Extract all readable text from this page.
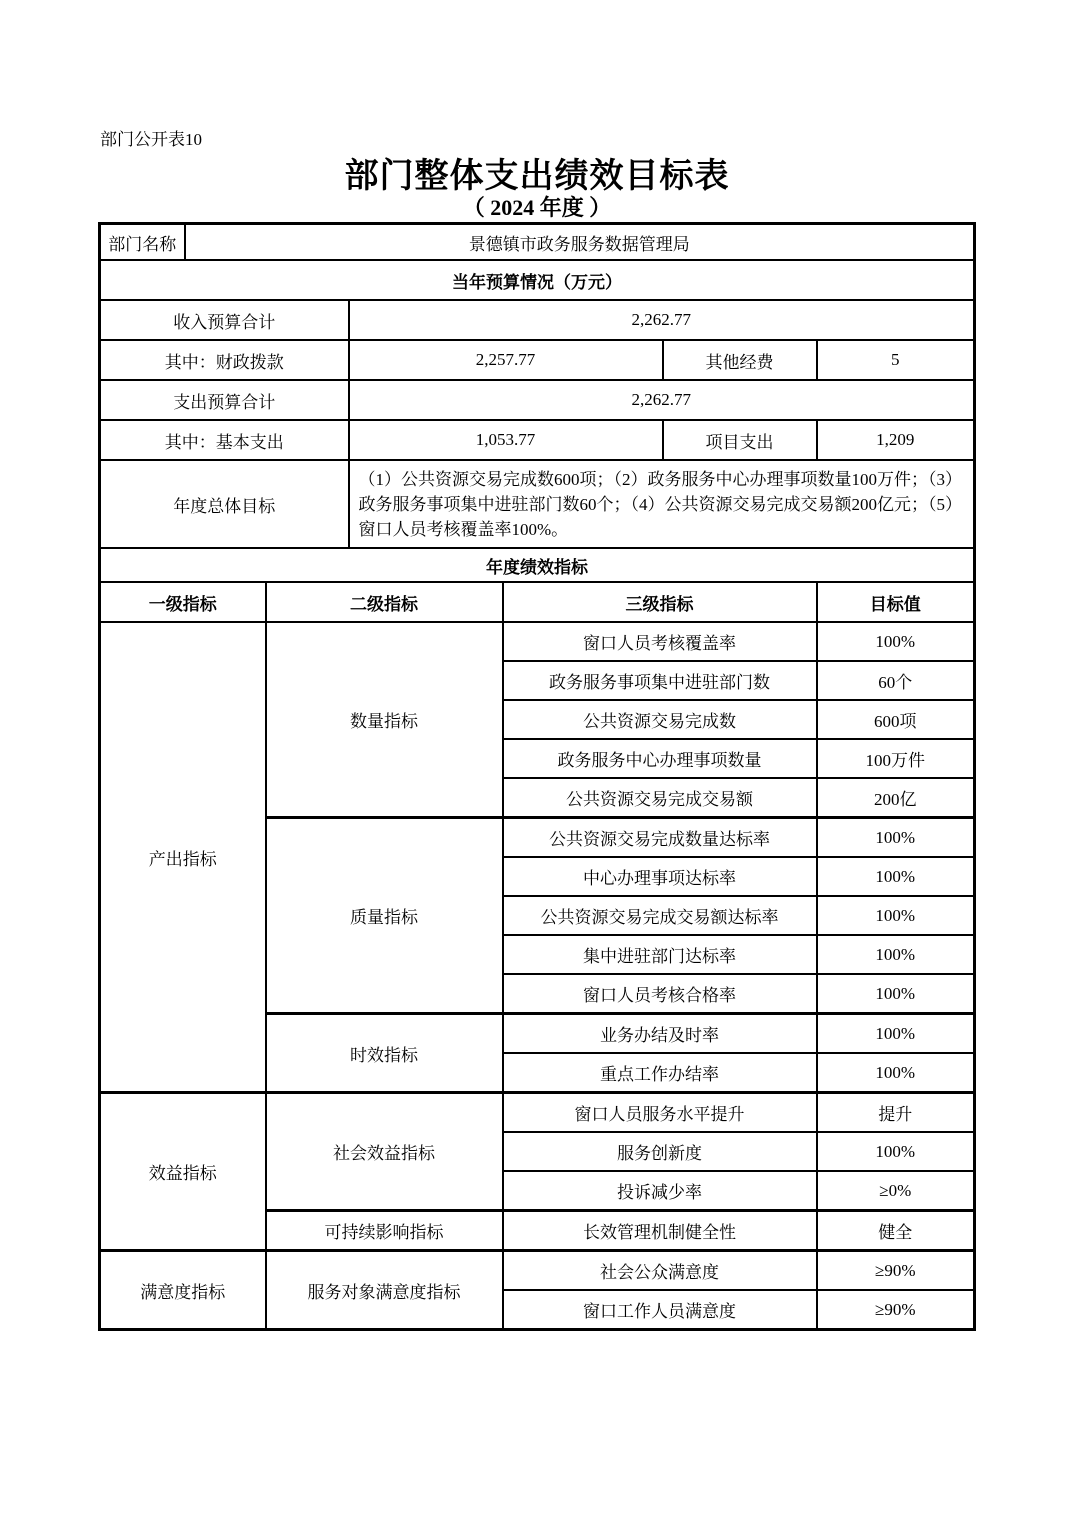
部门公开表10
部门整体支出绩效目标表
（ 2024 年度 ）
部门名称	景德镇市政务服务数据管理局					
当年预算情况（万元）						
收入预算合计			2,262.77			
其中：财政拨款			2,257.77		其他经费	5
支出预算合计			2,262.77			
其中：基本支出			1,053.77		项目支出	1,209
年度总体目标			（1）公共资源交易完成数600项；（2）政务服务中心办理事项数量100万件；（3）政务服务事项集中进驻部门数60个；（4）公共资源交易完成交易额200亿元；（5）窗口人员考核覆盖率100%。			
年度绩效指标						
一级指标		二级指标		三级指标		目标值
产出指标		数量指标		窗口人员考核覆盖率		100%
				政务服务事项集中进驻部门数		60个
				公共资源交易完成数		600项
				政务服务中心办理事项数量		100万件
				公共资源交易完成交易额		200亿
		质量指标		公共资源交易完成数量达标率		100%
				中心办理事项达标率		100%
				公共资源交易完成交易额达标率		100%
				集中进驻部门达标率		100%
				窗口人员考核合格率		100%
		时效指标		业务办结及时率		100%
				重点工作办结率		100%
效益指标		社会效益指标		窗口人员服务水平提升		提升
				服务创新度		100%
				投诉减少率		≥0%
		可持续影响指标		长效管理机制健全性		健全
满意度指标		服务对象满意度指标		社会公众满意度		≥90%
				窗口工作人员满意度		≥90%
